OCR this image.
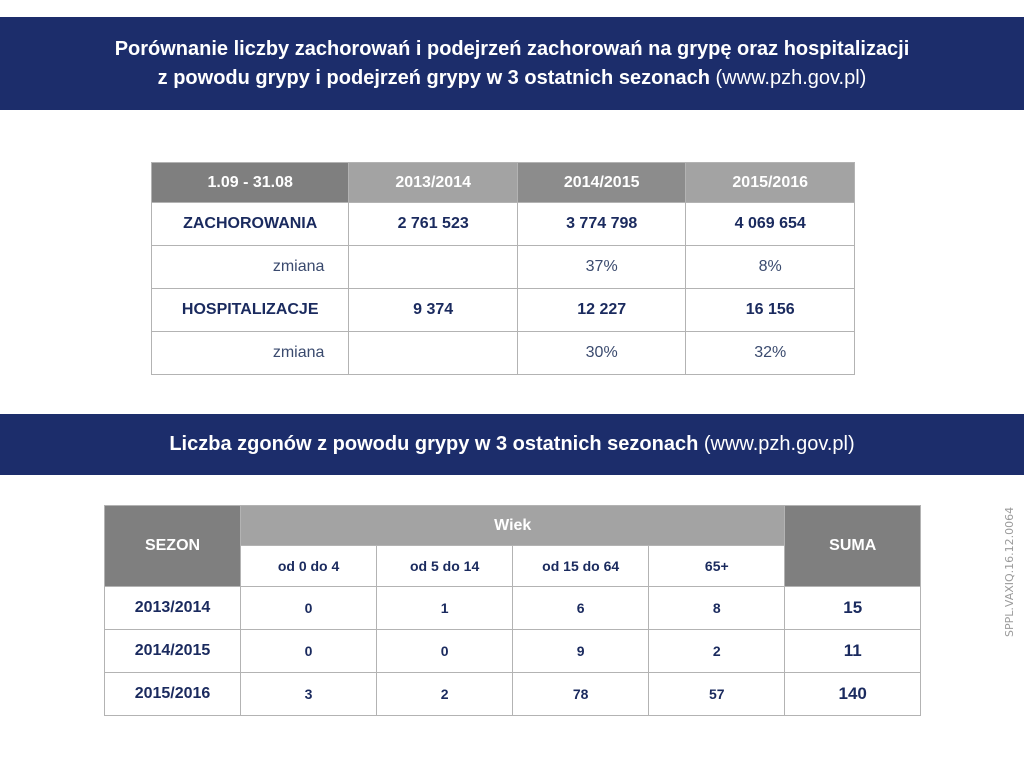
Porównanie liczby zachorowań i podejrzeń zachorowań na grypę oraz hospitalizacji
z powodu grypy i podejrzeń grypy w 3 ostatnich sezonach (www.pzh.gov.pl)
1.09 - 31.08	2013/2014	2014/2015	2015/2016
ZACHOROWANIA	2 761 523	3 774 798	4 069 654
zmiana		37%	8%
HOSPITALIZACJE	9 374	12 227	16 156
zmiana		30%	32%
Liczba zgonów z powodu grypy w 3 ostatnich sezonach (www.pzh.gov.pl)
SEZON	Wiek				SUMA
	od 0 do 4	od 5 do 14	od 15 do 64	65+	
2013/2014	0	1	6	8	15
2014/2015	0	0	9	2	11
2015/2016	3	2	78	57	140
SPPL.VAXIQ.16.12.0064
